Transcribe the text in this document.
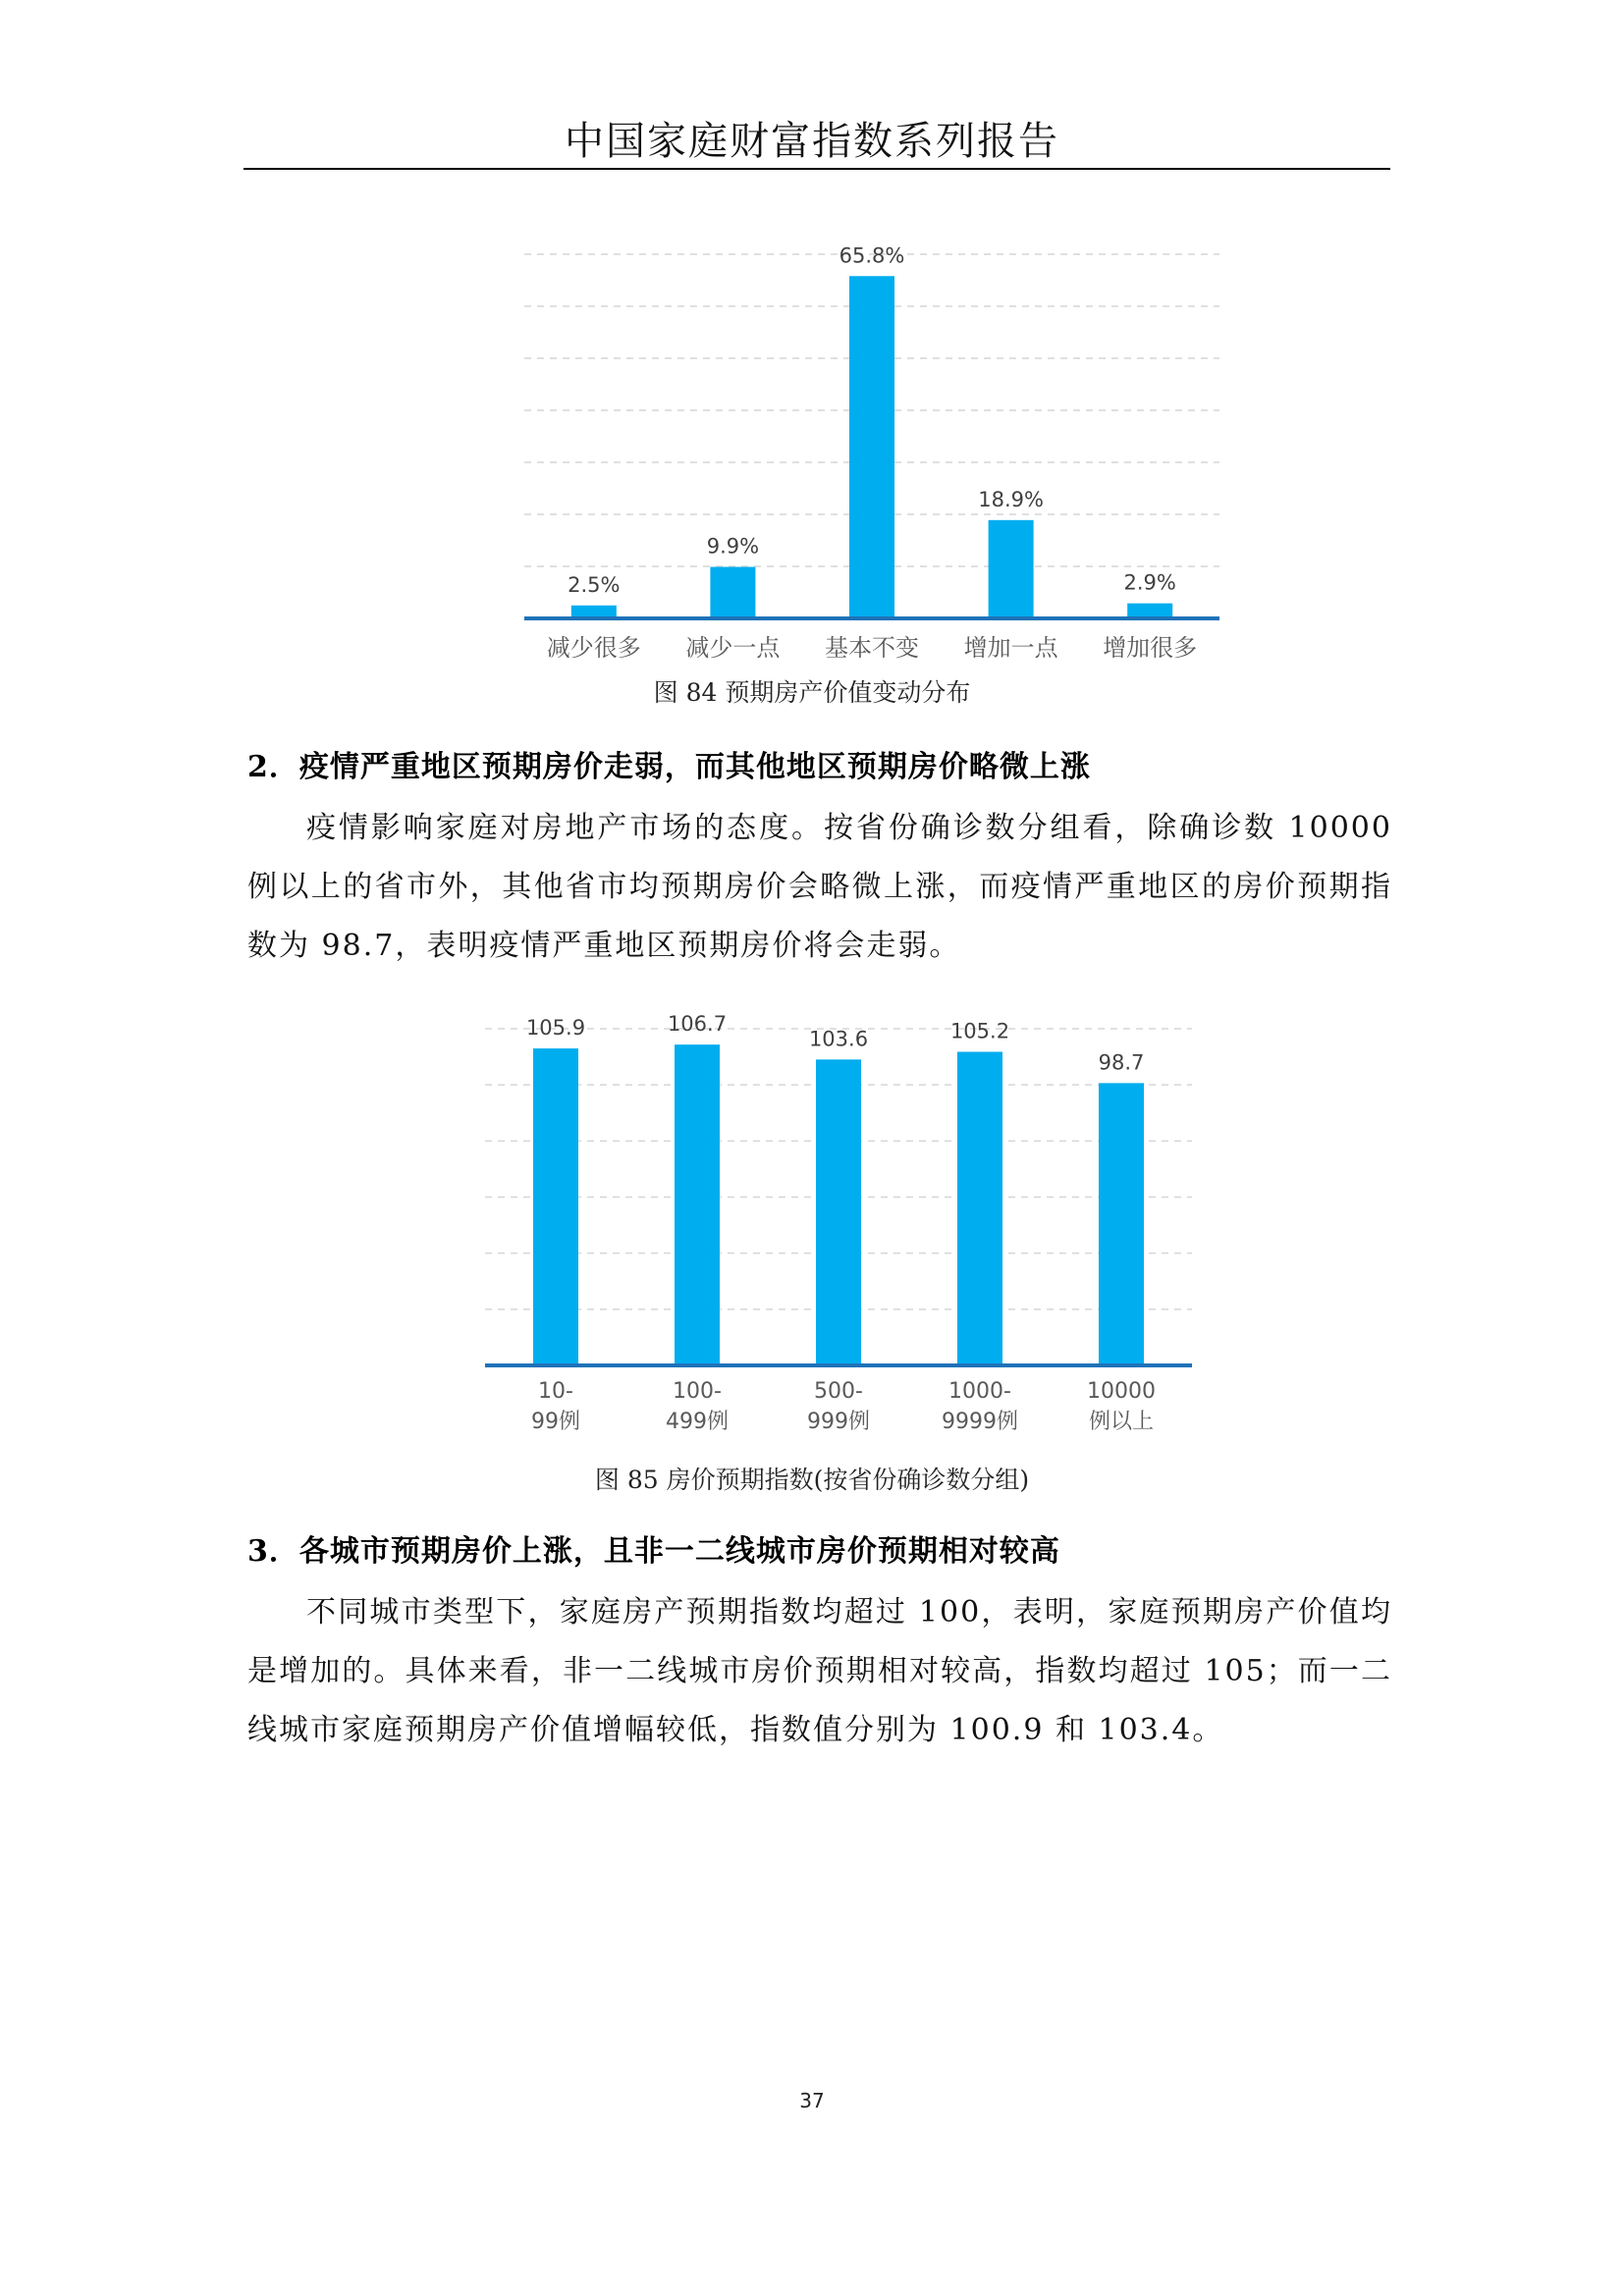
中国家庭财富指数系列报告
2.5%
减少很多
9.9%
减少一点
65.8%
基本不变
18.9%
增加一点
2.9%
增加很多
图 84 预期房产价值变动分布
2．疫情严重地区预期房价走弱，而其他地区预期房价略微上涨
疫情影响家庭对房地产市场的态度。按省份确诊数分组看，除确诊数 10000 例以上的省市外，其他省市均预期房价会略微上涨，而疫情严重地区的房价预期指数为 98.7，表明疫情严重地区预期房价将会走弱。
105.9
10-
99例
106.7
100-
499例
103.6
500-
999例
105.2
1000-
9999例
98.7
10000
例以上
图 85 房价预期指数(按省份确诊数分组)
3．各城市预期房价上涨，且非一二线城市房价预期相对较高
不同城市类型下，家庭房产预期指数均超过 100，表明，家庭预期房产价值均是增加的。具体来看，非一二线城市房价预期相对较高，指数均超过 105；而一二线城市家庭预期房产价值增幅较低，指数值分别为 100.9 和 103.4。
37
